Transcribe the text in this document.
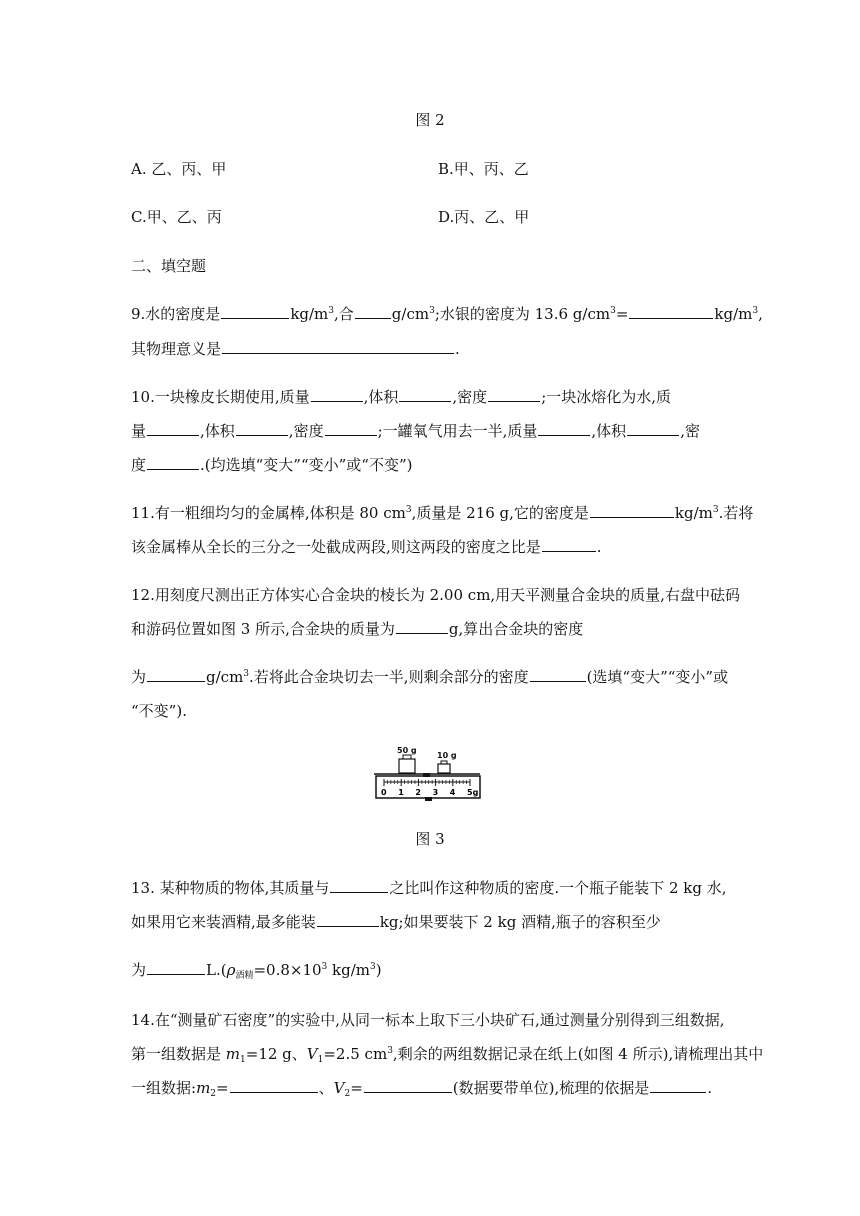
图 2
A. 乙、丙、甲	B.甲、丙、乙
C.甲、乙、丙	D.丙、乙、甲
二、填空题
9.水的密度是	$kg/m^3$,合	$g/cm^3$;水银的密度为 13.6 $g/cm^3=$	$kg/m^3$,
其物理意义是	.
10.一块橡皮长期使用,质量	,体积	,密度	;一块冰熔化为水,质
量	,体积	,密度	;一罐氧气用去一半,质量	,体积	,密
度	.(均选填“变大”“变小”或“不变”)
11.有一粗细均匀的金属棒,体积是 80 $cm^3$,质量是 216 g,它的密度是	$kg/m^3$.若将
该金属棒从全长的三分之一处截成两段,则这两段的密度之比是	.
12.用刻度尺测出正方体实心合金块的棱长为 2.00 cm,用天平测量合金块的质量,右盘中砝码
和游码位置如图 3 所示,合金块的质量为	g,算出合金块的密度
为	$g/cm^3$.若将此合金块切去一半,则剩余部分的密度	(选填“变大”“变小”或
“不变”).
50 g
10 g
0 1 2 3 4 5g
图 3
13. 某种物质的物体,其质量与	之比叫作这种物质的密度.一个瓶子能装下 2 kg 水,
如果用它来装酒精,最多能装	kg;如果要装下 2 kg 酒精,瓶子的容积至少
为	$L.(\rho_{酒精}=0.8\times 10^3$ $kg/m^3$)
14.在“测量矿石密度”的实验中,从同一标本上取下三小块矿石,通过测量分别得到三组数据,
第一组数据是 $m_1=12$ g、$V_1=2.5$ $cm^3$,剩余的两组数据记录在纸上(如图 4 所示),请梳理出其中
一组数据$:m_2=$	、$V_2=$	(数据要带单位),梳理的依据是	.
